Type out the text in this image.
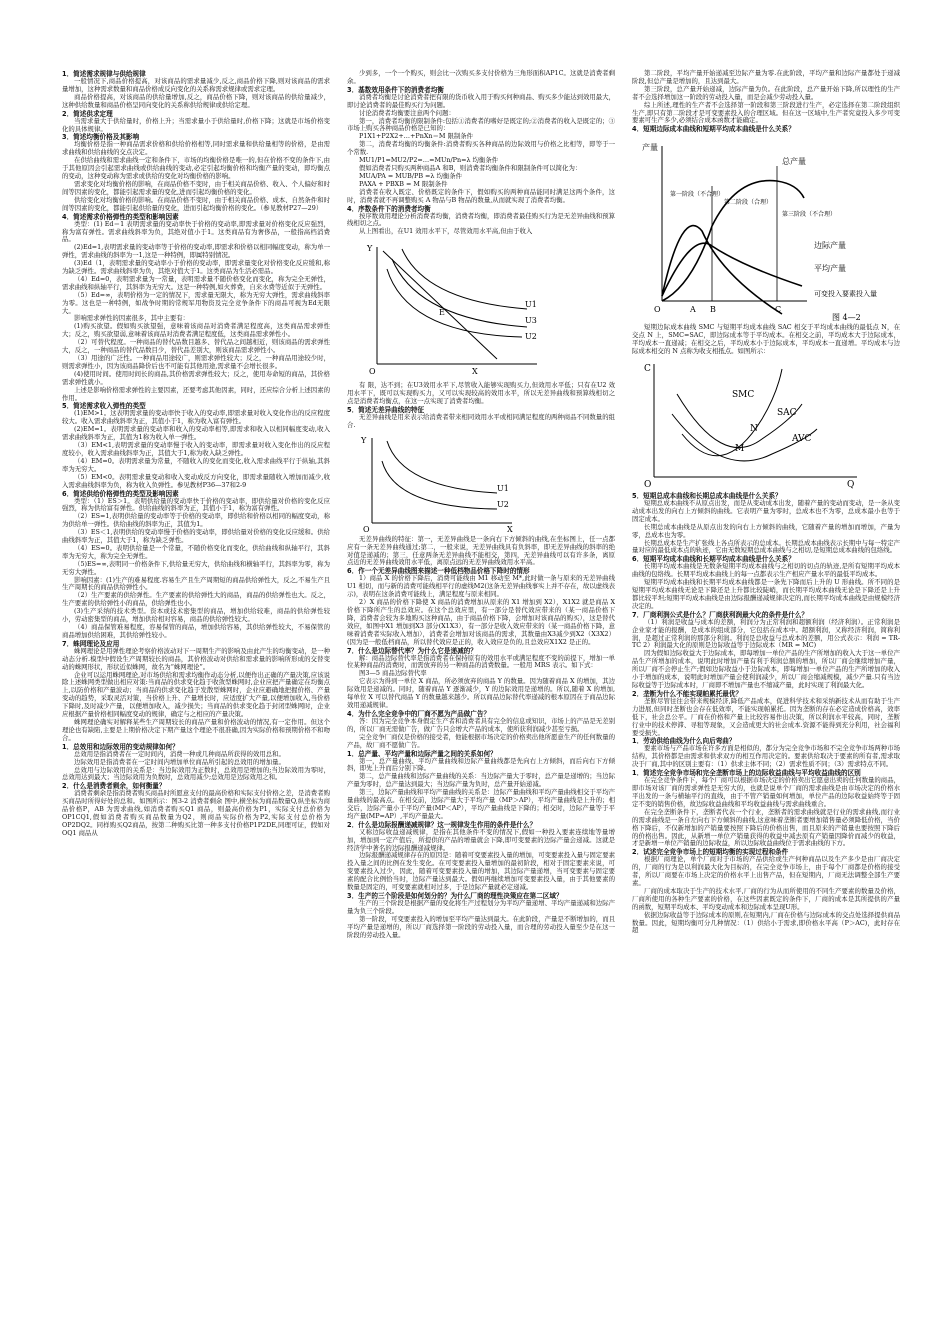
1．简述需求规律与供给规律

一般情况下,商品价格提高，对该商品的需求量减少,反之,商品价格下降,则对该商品的需求量增加，这种需求数量和商品价格成反向变化的关系称需求规律或需求定理。

商品价格提高，对该商品的供给量增加,反之，商品价格下降，则对该商品的供给量减少，这种供给数量和商品价格呈同向变化的关系称供给规律或供给定理。

2．简述供求定理

当需求量大于供给量时，价格上升；当需求量小于供给量时,价格下降；这就是市场价格变化的具体规律。

3．简述均衡价格及其影响

均衡价格是指一种商品需求价格和供给价格相等,同时需求量和供给量相等的价格，是由需求曲线和供给曲线的交点决定。

在供给曲线和需求曲线一定和条件下，市场的均衡价格是唯一的,但在价格不变的条件下,由于其他原因会引起需求曲线或供给曲线的变动,必定引起均衡价格和均衡产量的变动，即均衡点的变动，这种变动称为需求或供给的变化对均衡价格的影响。

需求变化对均衡价格的影响，在商品价格不变时，由于相关商品价格、收入、个人偏好和时间等因素的变化，都能引起需求量的变化,进而引起均衡价格的变化。

供给变化对均衡价格的影响。在商品价格不变时，由于相关商品价格、成本、自然条件和时间等因素的变化，都能引起供给量的变化，进而引起均衡价格的变化。（参见教材P27—29）

4．简述需求价格弹性的类型和影响因素

类型：(1) Ed＝1 表明需求量的变动率快于价格的变动率,即需求量对价格变化反应强烈，称为富有弹性。需求曲线斜率为负，其绝对值小于1。这类商品有为奢侈品，一般指高档消费品。

(2)Ed=1,表明需求量的变动率等于价格的变动率,即需求和价格以相同幅度变动，称为单一弹性，需求曲线的斜率为一1,这是一种特例，即属特别情况。

(3)Ed（1，表明需求量的变动率小于价格的变动率，即需求量变化对价格变化反应缓和,称为缺乏弹性。需求曲线斜率为负，其绝对值大于1。这类商品为生活必需品。

（4）Ed=0，表明需求量为一常量，表明需求量不随价格变化而变化，称为完全无弹性，需求曲线和纵轴平行，其斜率为无穷大。这是一种特例,如火葬费，自来水费等近似于无弹性。

（5）Ed=∞，表明价格为一定的情况下，需求量无限大，称为无穷大弹性，需求曲线斜率为零。这也是一种特例，如战争时期的常规军用物资及完全竞争条件下的商品可视为Ed无限大。

影响需求弹性的因素很多，其中主要有：

(1)购买欲望。假如购买欲望强，意味着该商品对消费者满足程度高，这类商品需求弹性大；反之，购买欲望弱,意味着该商品对消费者满足程度低，这类商品需求弹性小。

（2）可替代程度。一种商品的替代品数目越多、替代品之间越相近，则该商品的需求弹性大，反之，一种商品的替代品数目少，替代品差别大，则该商品需求弹性小。

（3）用途的广泛性。一种商品用途较广，则需求弹性较大；反之，一种商品用途较少时，则需求弹性小，因为该商品降价后也不可能有其他用途,需求量不会增长很多。

(4)使用时间。使用时间长的商品,其价格需求弹性较大；反之，使用寿命短的商品，其价格需求弹性就小。

上述是影响价格需求弹性的主要因素，还要考虑其他因素，同时，还应综合分析上述因素的作用。

5．简述需求收入弹性的类型

(1)EM>1。这表明需求量的变动率快于收入的变动率,即需求量对收入变化作出的反应程度较大。收入需求曲线斜率为正，其值小于1，称为收入富有弹性。

(2)EM=1。表明需求量的变动率和收入的变动率相等,即需求和收入以相同幅度变动,收入需求曲线斜率为正，其值为1称为收入单一弹性。

（3）EM<1,表明需求量的变动率慢于收入的变动率，即需求量对收入变化作出的反应程度较小，收入需求曲线斜率为正，其值大于1,称为收入缺乏弹性。

（4）EM=0。表明需求量为常量，不随收入的变化而变化,收入需求曲线平行于纵轴,其斜率为无穷大。

（5）EM<0。表明需求量变动和收入变动成反方向变化，即需求量随收入增加而减少,收入需求曲线斜率为负，称为收入负弹性。参见教材P36—37和2-9

6．简述供给价格弹性的类型及影响因素

类型：（1）ES＞1。表明供给量的变动率快于价格的变动率，即供给量对价格的变化反应强烈，称为供给富有弹性。供给曲线的斜率为正，其值小于1，称为富有弹性。

（2）ES=1,表明供给量的变动率等于价格的变动率，即供给和价格以相同的幅度变动，称为供给单一弹性。供给曲线的斜率为正，其值为1。

（3）ES＜1,表明供给的变动率慢于价格的变动率，即供给量对价格的变化反应缓和。供给曲线斜率为正，其值大于1，称为缺乏弹性。

（4）ES=0。表明供给量是一个常量，不随价格变化而变化，供给曲线和纵轴平行，其斜率为无穷大，称为完全无弹性。

（5)ES=∞,表明同一价格条件下,供给量无穷大，供给曲线和横轴平行，其斜率为零，称为无穷大弹性。

影响因素：(1)生产的难易程度.容易生产且生产周期短的商品供给弹性大，反之,不易生产且生产周期长的商品供给弹性小。

（2）生产要素的供给弹性。生产要素的供给弹性大的商品，商品的供给弹性也大。反之，生产要素的供给弹性小的商品，供给弹性也小。

(3)生产采纳的技术类型。资本或技术密集型的商品，增加供给较难，商品的供给弹性较小，劳动密集型的商品，增加供给相对容易，商品的供给弹性较大。

（4）商品保管难易程度，容易保管的商品，增加供给容易，其供给弹性较大，不易保管的商品增加供给困难，其供给弹性较小。

7．蛛网理论及应用

蛛网理论是用弹性理论考察价格波动对下一周期生产的影响及由此产生的均衡变动，是一种动态分析.模型中假设生产周期较长的商品，其价格波动对供给和需求量的影响所形成的交替变动的蛛网形状，形状近似蛛网，故名为“蛛网理论”。

企业可以运用蛛网理论,对市场供给和需求均衡作动态分析,以便作出正确的产量决策,应该说除上述蛛网类型做出相应对策:当商品的供求变化趋于收敛型蛛网时,企业应把产量确定在均衡点上,以防价格和产量波动；当商品的供求变化趋于发散型蛛网时，企业应避确地把握价格、产量变动的趋势，采取灵活对策，当价格上升、产量增长时，应适度扩大产量,以便增加收入,当价格下降时,及时减少产量，以便增加收入，减少损失；当商品的供求变化趋于封闭型蛛网时，企业应根据产量价格相同幅度变动的规律，确定与之相应的产量决策。

蛛网理论确实对解释某些生产周期较长的商品产量和价格波动的情况,有一定作用。但这个理论也有缺陷,主要是上期价格决定下期产量这个理论不很准确,因为实际价格和预期价格不和吻合。

1．总效用和边际效用的变动规律如何？

总效用是指消费者在一定时间内，消费一种或几种商品所获得的效用总和。

边际效用是指消费者在一定时间内增加单位商品所引起的总效用的增加量。

总效用与边际效用的关系是：当边际效用为正数时，总效用是增加的;当边际效用为零时，总效用达到最大；当边际效用为负数时，总效用减少;总效用是边际效用之和。

2．什么是消费者剩余，如何衡量？

消费者剩余是指消费者购买商品时所愿意支付的最高价格和实际支付价格之差，是消费者购买商品时所得好处的总和。如图所示：图3-2 消费者剩余 图中,横坐标为商品数量Q,纵坐标为商品价格P，AB 为需求曲线,如消费者购买Q1 商品，则最高价格为P1，实际支付总价格为OP1CQ1,假如消费者购买商品数量为Q2，则商品实际价格为P2,实际支付总价格为OP2DQ2。同样购买Q2商品，按第二种购买比第一种多支付价格P1P2DE,同理可证，假如对OQ1 商品从

少到多，一个一个购买，则会比一次购买多支付价格为三角形面积AP1C。这就是消费者剩余。

3．基数效用条件下的消费者均衡

消费者均衡是讨论消费者把有限的货币收入用于购买何种商品、购买多少能达到效用最大，即讨论消费者的最佳购买行为问题。

讨论消费者均衡要注意两个问题：

第一，消费者均衡的限制条件:包括①消费者的嗜好是既定的;②消费者的收入是既定的；③市场上购买各种商品价格是已知的：

P1X1+P2X2+…+PnXn＝M 限制条件

第二，消费者均衡的均衡条件:消费者购买各种商品的边际效用与价格之比相等，即等于一个常数.

MU1/P1=MU2/P2=…=MUn/Pn=λ 均衡条件

假如消费者只购买两种商品A 和B，则消费者均衡条件和限制条件可以简化为：

MUA/PA = MUB/PB =λ 均衡条件

PAXA + PBXB = M 限制条件

消费者在收入既定、价格既定的条件下，假如购买的两种商品能同时满足这两个条件，这时，消费者就不再调整购买 A 物品与B 物品的数量,从而就实现了消费者均衡。

4．序数条件下的消费者均衡

按序数效用理论分析消费者均衡，消费者均衡，即消费者最佳购买行为是无差异曲线和预算线相切之点。

从上图看出，在U1 效用水平下，尽管效用水平高,但由于收入

Y
U1
U2
U3
E
O	X

有 限，达不到；在U3效用水平下,尽管收入能够实现购买力,但效用水平低；只有在U2 效用水平下，既可以实现购买力，又可以实现较高的效用水平，所以无差异曲线和预算线相切之点是消费者均衡点，在这一点实现了消费者均衡。

5．简述无差异曲线的特征

无差异曲线是用来表示给消费者带来相同效用水平或相同满足程度的两种商品不同数量的组合.

Y
U1
U2
O	X

无差异曲线的特征：第一，无差异曲线是一条向右下方倾斜的曲线,在坐标图上，任一点都应有一条无差异曲线通过;第二，一般来说，无差异曲线具有负斜率，即无差异曲线的斜率的绝对值是递减的；第三，任意两条无差异曲线不能相交，第四，无差异曲线可以有许多条，离原点近的无差异曲线效用水平低，离原点远的无差异曲线效用水平高。

6．作一个无差异曲线图来描述一种低档物品价格下降时的情形

1）商品 X 的价格下降后，消费可能线由 M1 移动至 M*,此时做一条与原来的无差异曲线 U1 相切，而与新的消费可能线相平行的虚线M2(这条无差异曲线事实上并不存在，故以虚线表示)，表明在这条消费可能线上，满足程度与原来相同。

2）X 商品的价格下降使 X 商品的消费增加从原来的 X1 增加到 X2），X1X2 就是商品 X 价格下降所产生的总效应。在这个总效应里，有一部分是替代效应带来的（某一商品价格下降，消费者会较为多地购买这种商品，由于商品价格下降，会增加对该商品的购买），这是替代效应，如图中X1 增加到X3 部分(X1X3），有一部分是收入效应带来的（某一商品价格下降，意味着消费者实际收入增加），消费者会增加对该商品的需求，其数量由X3减少到X2（X3X2）(因为是一般低档商品，所以替代效应是正的，收入效应是负的,且总效应X1X2 是正的。

7．什么是边际替代率？为什么它是递减的？

解：商品边际替代率是指消费者在保持原有的效用水平或满足程度不变的前提下，增加一单位某种商品的消费时，而需放弃的另一种商品的消费数量。一般用 MRS 表示。如下式：

图3—5 商品边际替代率

它表示为得到一单位 X 商品，所必须放弃的商品 Y 的数量。因为随着商品 X 的增加，其边际效用是递减的。同时，随着商品 Y 逐渐减少，Y 的边际效用是递增的。所以,随着 X 的增加,每单位 X 可以替代商品 Y 的数量越来越少。所以商品边际替代率递减的根本原因在于商品边际效用递减规律。

4．为什么完全竞争中的厂商不愿为产品做广告？

答：因为完全竞争本身假定生产者和消费者具有完全的信息或知识，市场上的产品是无差别的，所以厂商无需做广告，做广告只会增大产品的成本，使所获利润减少甚至亏损。

完全竞争厂商仅是价格的接受者，他能根据市场决定的价格卖出他所愿意生产的任何数量的产品，故厂商不愿做广告。

1．总产量、平均产量和边际产量之间的关系如何？

第一，总产量曲线、平均产量曲线和边际产量曲线都是先向右上方倾斜，而后向右下方倾斜，即先上升而后分别下降。

第二，总产量曲线和边际产量曲线的关系：当边际产量大于零时，总产量是递增的；当边际产量为零时，总产量达到最大；当边际产量为负时，总产量开始递减。

第三，边际产量曲线和平均产量曲线的关系是：边际产量曲线和平均产量曲线相交于平均产量曲线的最高点。在相交前，边际产量大于平均产量（MP＞AP），平均产量曲线是上升的；相交后，边际产量小于平均产量(MP＜AP），平均产量曲线是下降的；相交时，边际产量等于平均产量(MP=AP）,平均产量最大。

2．什么是边际报酬递减规律？这一规律发生作用的条件是什么？

又称边际收益递减规律，是指在其他条件不变的情况下,假如一种投入要素连续地等量增加，增加到一定产值后，所提供的产品的增量就会下降,即可变要素的边际产量会递减。这就是经济学中著名的边际报酬递减规律。

边际报酬递减规律存在的原因是：随着可变要素投入量的增加，可变要素投入量与固定要素投入量之间的比例在发生变化。在可变要素投入量增加的最初阶段，相对于固定要素来说，可变要素投入过少，因此，随着可变要素投入量的增加，其边际产量递增，当可变要素与固定要素的配合比例恰当时，边际产量达到最大。假如再继续增加可变要素投入量，由于其他要素的数量是固定的，可变要素就相对过多，于是边际产量就必定递减。

3．生产的三个阶段是如何划分的？为什么厂商的理性决策应在第二区域？

生产的三个阶段是根据产量的变化将生产过程划分为平均产量递增、平均产量递减和边际产量为负三个阶段。

第一阶段，可变要素投入的增加至平均产量达到最大。在此阶段，产量是不断增加的，而且平均产量是递增的，所以厂商选择第一阶段的劳动投入量，而合理的劳动投入量至少是在这一阶段的劳动投入量。

第二阶段，平均产量开始递减至边际产量为零.在此阶段，平均产量和边际产量都处于递减阶段,但总产量是增加的，且达到最大。

第三阶段，总产量开始递减，边际产量为负。在此阶段，总产量开始下降,所以理性的生产者不会选择增加这一阶段的劳动投入量，而是会减少劳动投入量。

综上所述,理性的生产者不会选择第一阶段和第三阶段进行生产，必定选择在第二阶段组织生产,即只有第二阶段才是可变要素投入的合理区域。但在这一区域中,生产者究竟投入多少可变要素可生产多少,必须结合成本函数才能确定。

4．短期边际成本曲线和短期平均成本曲线是什么关系？
产量
总产量
第一阶段（不合理）
第二阶段（合理）
第三阶段（不合理）
边际产量
平均产量
可变投入要素投入量
O	A B	C
图 4—2

短期边际成本曲线 SMC 与短期平均成本曲线 SAC 相交于平均成本曲线的最低点 N，在交点 N 上，SMC=SAC，即边际成本等于平均成本。在相交之前，平均成本大于边际成本，平均成本一直递减；在相交之后，平均成本小于边际成本，平均成本一直递增。平均成本与边际成本相交的 N 点称为收支相抵点。如图所示：

C
Q
O
SMC
SAC
AVC
N
M
5．短期总成本曲线和长期总成本曲线是什么关系？

短期总成本曲线不从原点出发，而是从变动成本出发，随着产量的变动而变动，是一条从变动成本出发的向右上方倾斜的曲线。它表明产量为零时，总成本也不为零，总成本最小也等于固定成本。

长期总成本曲线是从原点出发的向右上方倾斜的曲线，它随着产量的增加而增加，产量为零，总成本也为零。

长期总成本是生产扩张线上各点所表示的总成本。长期总成本曲线表示长期中与每一特定产量对应的最低成本点的轨迹，它由无数短期总成本曲线与之相切,是短期总成本曲线的包络线。

6．短期平均成本曲线和长期平均成本曲线是什么关系？

长期平均成本曲线是无数条短期平均成本曲线与之相切的切点的轨迹,是所有短期平均成本曲线的包络线。长期平均成本曲线上的每一点都表示生产相应产量水平的最低平均成本。

短期平均成本曲线和长期平均成本曲线都是一条先下降而后上升的 U 形曲线。所不同的是短期平均成本曲线无论是下降还是上升都比较陡峭，而长期平均成本曲线无论是下降还是上升都比较平坦;短期平均成本曲线是由边际报酬递减规律决定的,而长期平均成本曲线是由规模经济决定的。

7．厂商利润公式是什么？厂商获利润最大化的条件是什么？

（1）利润是收益与成本的差额，利润分为正常利润和超额利润（经济利润）。正常利润是企业家才能的报酬，是成本的组成部分，它包括在成本中。超额利润，又称经济利润，简称利润，是超过正常利润的那部分利润。利润是总收益与总成本的差额，用公式表示：利润 = TR-TC 2）利润最大化的原则是边际收益等于边际成本（MR = MC)

因为假如边际收益大于边际成本，即每增加一单位产品的生产所增加的收入大于这一单位产品生产所增加的成本，说明此时增加产量有利于利润总额的增加，所以厂商会继续增加产量，所以厂商不会停止生产;假如边际收益小于边际成本，即每增加一单位产品的生产所增加的收入小于增加的成本，说明此时增加产量会使利润减少，所以厂商会缩减规模，减少产量.只有当边际收益等于边际成本时，厂商即不增加产量也不缩减产量，此时实现了利润最大化。

2．垄断为什么不能实现帕累托最优？

垄断尽管往往会带来规模经济,降低产品成本，促进科学技术和采纳新技术从而有助于生产力进展,但同时垄断也会存在低效率，不能实现帕累托。因为垄断的存在必定造成价格高，效率低下，社会总公平。厂商在价格和产量上比较容易作出决策，所以利润水平较高，同时，垄断行业中的技术停滞、寻租等现象，又会造成更大的社会成本.资源不能得到充分利用，社会福利要受损失。

1．劳动供给曲线为什么向后弯曲？

要素市场与产品市场在许多方面是相似的，都分为完全竞争市场和不完全竞争市场两种市场结构，其价格都是由需求和供求双方的相互作用决定的。要素供给取决于要素的所有者,需求取决于厂商,其中的区别主要有：（1）供求主体不同；（2）需求性质不同；（3）需求特点不同。

1．简述完全竞争市场和完全垄断市场上的边际收益曲线与平均收益曲线的区别

在完全竞争条件下，每个厂商可以根据市场决定的价格卖出它愿意出卖的任何数量的商品，即市场对该厂商的需求弹性是无穷大的，也就是说单个厂商的需求曲线是由市场决定的价格水平出发的一条与横轴平行的直线，由于不管产销量如何增加，单位产品的边际收益始终等于固定不变的销售价格，故边际收益曲线和平均收益曲线与需求曲线重合。

在完全垄断条件下，垄断者代表一个行业，垄断者的需求曲线就是行业的需求曲线,而行业的需求曲线是一条自左向右下方倾斜的曲线,这意味着垄断者要增加销售量必须降低价格，当价格下降后，不仅新增加的产销量要按照下降后的价格出售，而且原来的产销量也要按照下降后的价格出售。因此，从新增一单位产销量获得的收益中减去原有产销量因降价而减少的收益，才是新增一单位产销量的边际收益，所以边际收益曲线位于需求曲线的下方。

2．试述完全竞争市场上的短期均衡的实现过程和条件

根据厂商理论，单个厂商对于市场的产品供给或生产何种商品以及生产多少是由厂商决定的，厂商的行为是以利润最大化为目标的，在完全竞争市场上，由于每个厂商都是价格的接受者，所以厂商要在市场上决定的价格水平上出售产品，但在短期内，厂商无法调整全部生产要素。

厂商的成本取决于生产的技术水平,厂商的行为从而所使用的不同生产要素的数量及价格，厂商所使用的各种生产要素的价格，在这些因素既定的条件下，厂商的成本是其所提供的产量的函数，短期平均成本、平均变动成本和边际成本呈现U形。

依据边际收益等于边际成本的原则,在短期内,厂商在价格与边际成本的交点处选择提供商品数量。因此，短期均衡可分几种情况：（1）供给小于需求,即价格水平高（P＞AC)，此时存在超
